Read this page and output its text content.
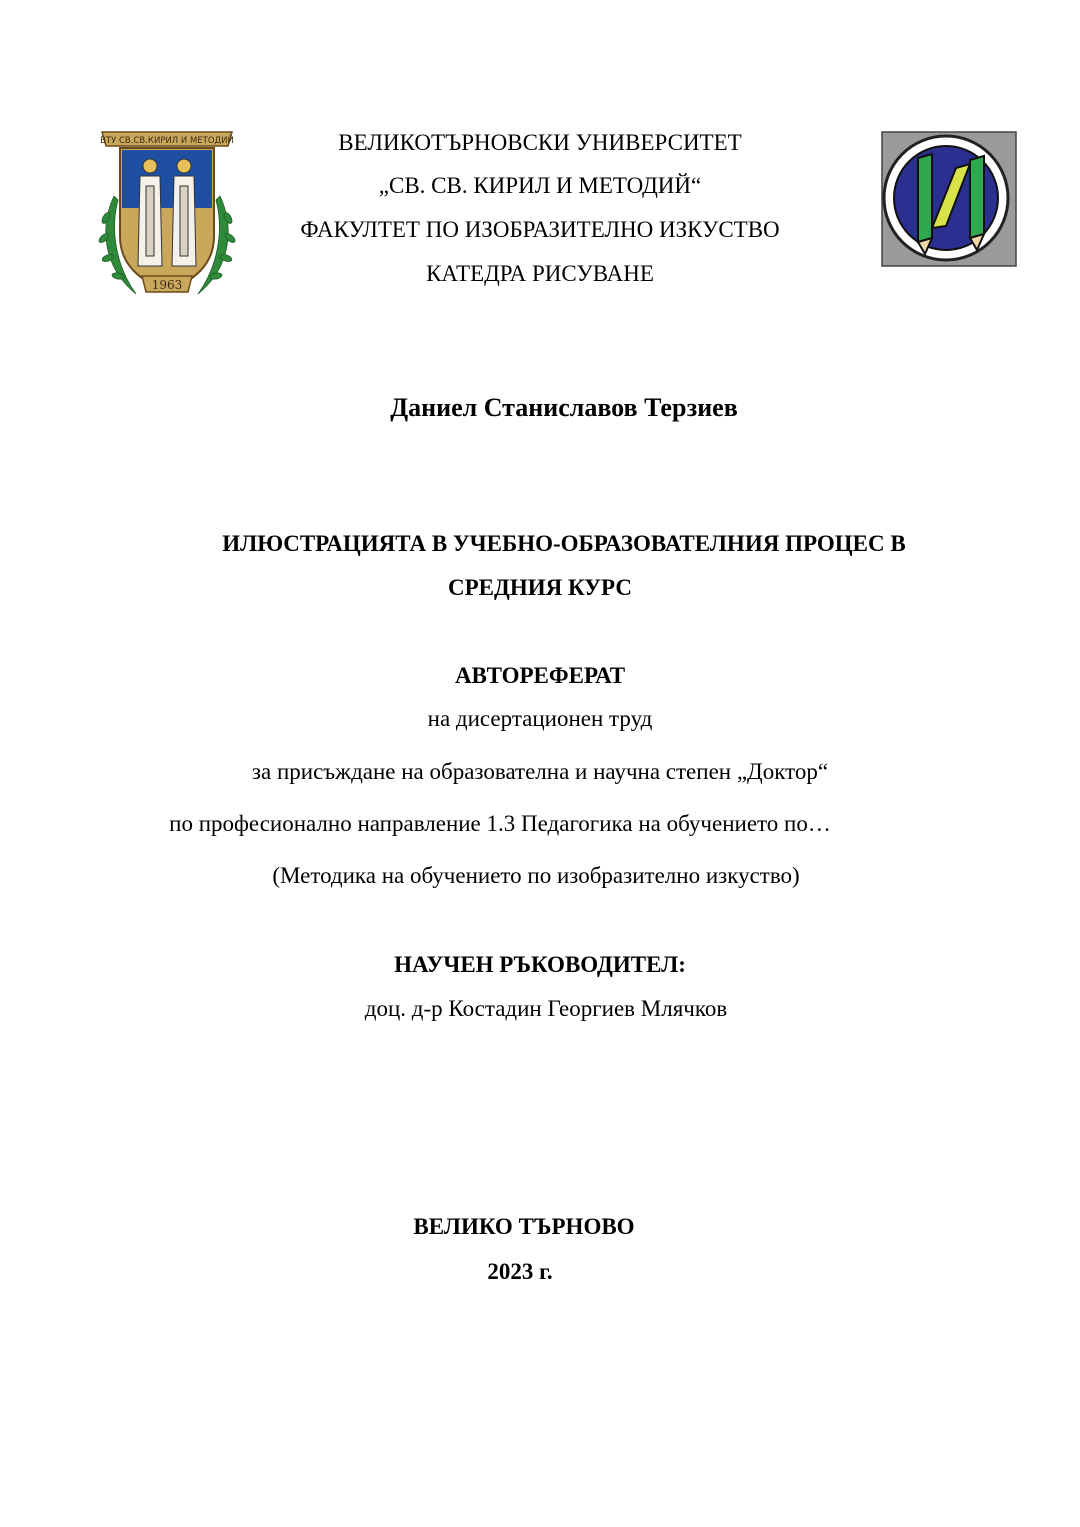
ВТУ СВ.СВ.КИРИЛ И МЕТОДИЙ
1963
ВЕЛИКОТЪРНОВСКИ УНИВЕРСИТЕТ
„СВ. СВ. КИРИЛ И МЕТОДИЙ“
ФАКУЛТЕТ ПО ИЗОБРАЗИТЕЛНО ИЗКУСТВО
КАТЕДРА РИСУВАНЕ
Даниел Станиславов Терзиев
ИЛЮСТРАЦИЯТА В УЧЕБНО-ОБРАЗОВАТЕЛНИЯ ПРОЦЕС В
СРЕДНИЯ КУРС
АВТОРЕФЕРАТ
на дисертационен труд
за присъждане на образователна и научна степен „Доктор“
по професионално направление 1.3 Педагогика на обучението по…
(Методика на обучението по изобразително изкуство)
НАУЧЕН РЪКОВОДИТЕЛ:
доц. д-р Костадин Георгиев Млячков
ВЕЛИКО ТЪРНОВО
2023 г.
